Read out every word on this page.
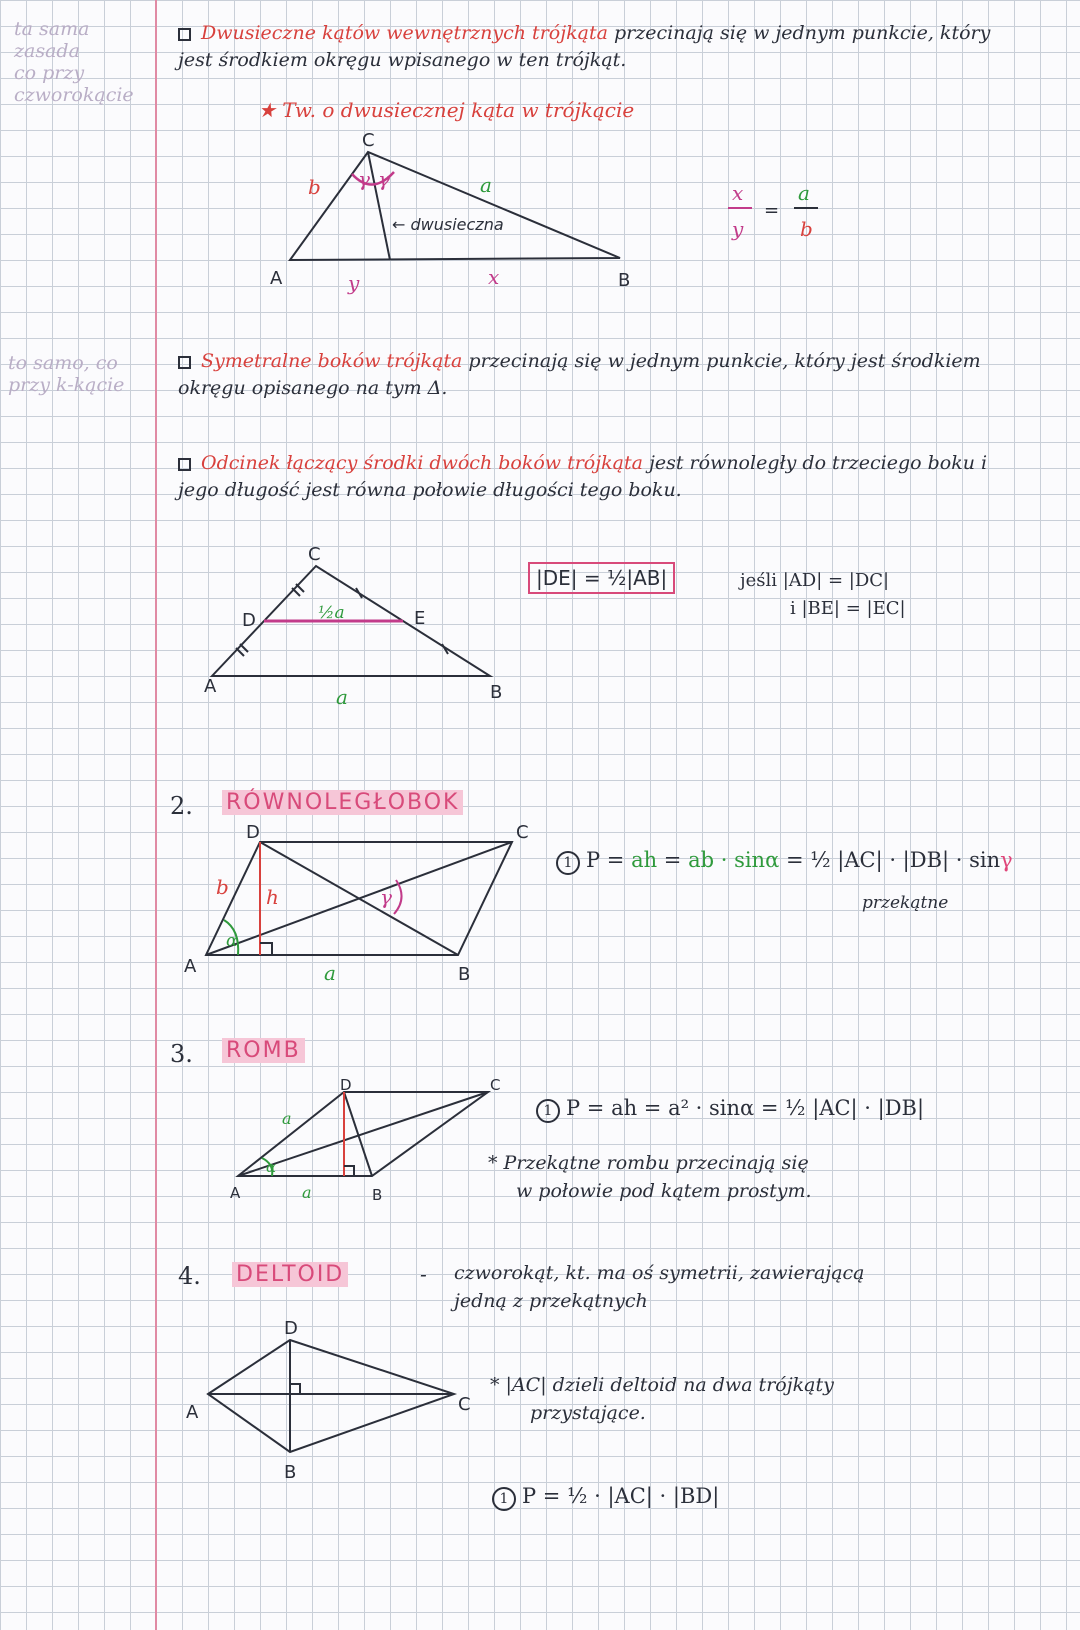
ta sama
zasada
co przy
czworokącie
to samo, co
przy k-kącie
Dwusieczne kątów wewnętrznych trójkąta przecinają się w jednym punkcie, który jest środkiem okręgu wpisanego w ten trójkąt.
★ Tw. o dwusiecznej kąta w trójkącie
Symetralne boków trójkąta przecinają się w jednym punkcie, który jest środkiem okręgu opisanego na tym Δ.
Odcinek łączący środki dwóch boków trójkąta jest równoległy do trzeciego boku i jego długość jest równa połowie długości tego boku.
|DE| = ½|AB|	jeśli |AD| = |DC|
i |BE| = |EC|
2. RÓWNOLEGŁOBOK
1 P = ah = ab · sinα = ½ |AC| · |DB| · sinγ
przekątne
3. ROMB
1 P = ah = a² · sinα = ½ |AC| · |DB|
* Przekątne rombu przecinają się
w połowie pod kątem prostym.
4. DELTOID	- czworokąt, kt. ma oś symetrii, zawierającą
jedną z przekątnych
* |AC| dzieli deltoid na dwa trójkąty
przystające.
1 P = ½ · |AC| · |BD|
C
A	B
b	a
y	x
γ γ
← dwusieczna
x
y
=
a
b
C
D	E
A	B
½a
a
D	C
A	B
b h
a
α
γ
D	C
A	B
a
a
α
D
A	C
B
